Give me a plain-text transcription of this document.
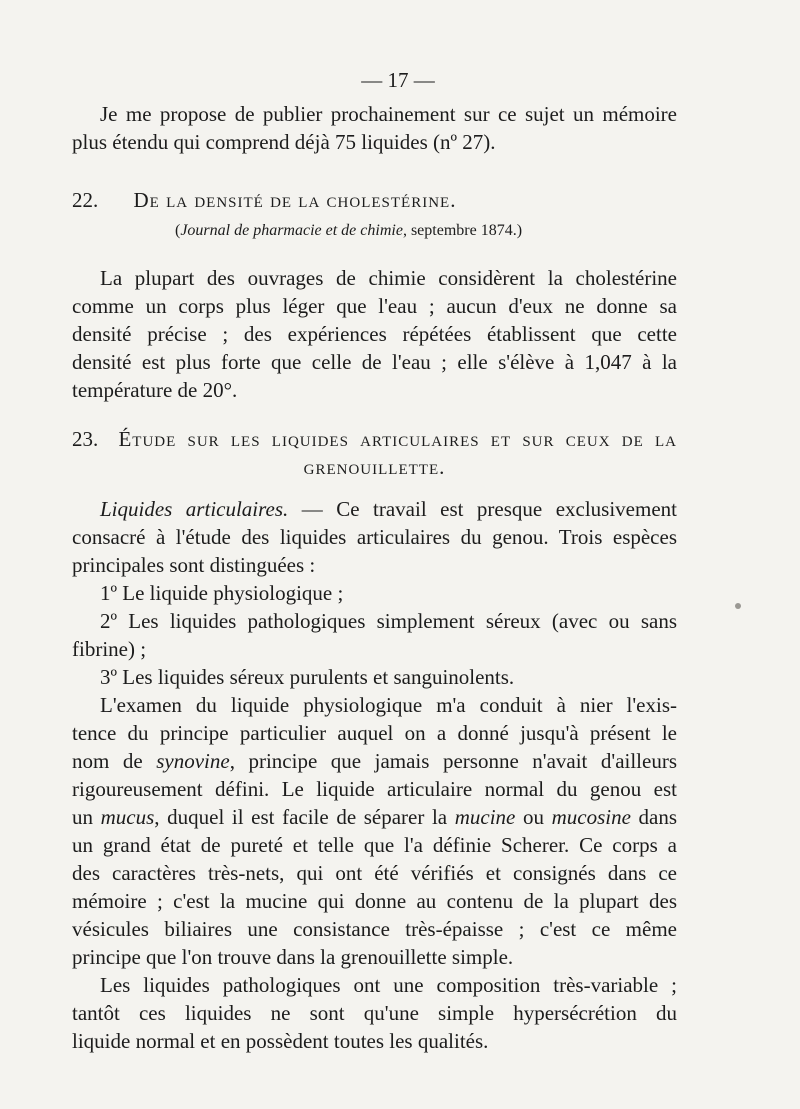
— 17 —
Je me propose de publier prochainement sur ce sujet un mémoire
plus étendu qui comprend déjà 75 liquides (nº 27).
22. De la densité de la cholestérine.
(Journal de pharmacie et de chimie, septembre 1874.)
La plupart des ouvrages de chimie considèrent la cholestérine
comme un corps plus léger que l'eau ; aucun d'eux ne donne sa
densité précise ; des expériences répétées établissent que cette
densité est plus forte que celle de l'eau ; elle s'élève à 1,047 à la
température de 20°.
23. Étude sur les liquides articulaires et sur ceux de la
grenouillette.
Liquides articulaires. — Ce travail est presque exclusivement
consacré à l'étude des liquides articulaires du genou. Trois espèces
principales sont distinguées :
1º Le liquide physiologique ;
2º Les liquides pathologiques simplement séreux (avec ou sans
fibrine) ;
3º Les liquides séreux purulents et sanguinolents.
L'examen du liquide physiologique m'a conduit à nier l'exis-
tence du principe particulier auquel on a donné jusqu'à présent le
nom de synovine, principe que jamais personne n'avait d'ailleurs
rigoureusement défini. Le liquide articulaire normal du genou est
un mucus, duquel il est facile de séparer la mucine ou mucosine dans
un grand état de pureté et telle que l'a définie Scherer. Ce corps a
des caractères très-nets, qui ont été vérifiés et consignés dans ce
mémoire ; c'est la mucine qui donne au contenu de la plupart des
vésicules biliaires une consistance très-épaisse ; c'est ce même
principe que l'on trouve dans la grenouillette simple.
Les liquides pathologiques ont une composition très-variable ;
tantôt ces liquides ne sont qu'une simple hypersécrétion du
liquide normal et en possèdent toutes les qualités.
